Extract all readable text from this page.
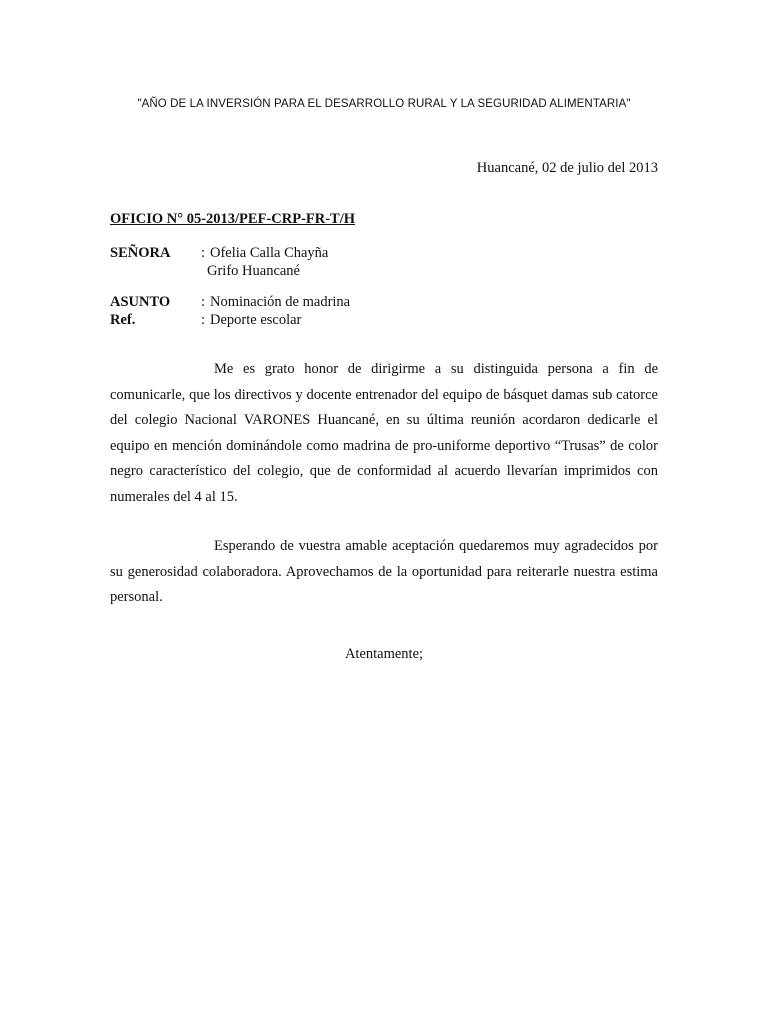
"AÑO DE LA INVERSIÓN PARA EL DESARROLLO RURAL Y LA SEGURIDAD ALIMENTARIA"
Huancané, 02 de julio del 2013
OFICIO N° 05-2013/PEF-CRP-FR-T/H
SEÑORA : Ofelia Calla Chayña
Grifo Huancané
ASUNTO : Nominación de madrina
Ref.	: Deporte escolar

Me es grato honor de dirigirme a su distinguida persona a fin de comunicarle, que los directivos y docente entrenador del equipo de básquet damas sub catorce del colegio Nacional VARONES Huancané, en su última reunión acordaron dedicarle el equipo en mención dominándole como madrina de pro-uniforme deportivo “Trusas” de color negro característico del colegio, que de conformidad al acuerdo llevarían imprimidos con numerales del 4 al 15.

Esperando de vuestra amable aceptación quedaremos muy agradecidos por su generosidad colaboradora. Aprovechamos de la oportunidad para reiterarle nuestra estima personal.

Atentamente;
